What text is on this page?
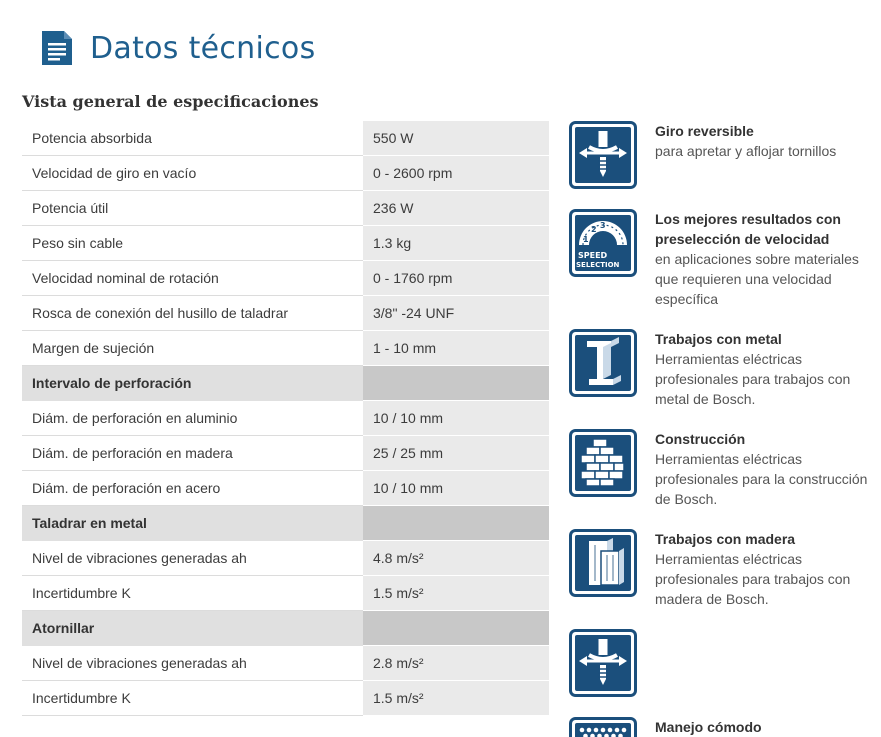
Datos técnicos
Vista general de especificaciones
Potencia absorbida	550 W
Velocidad de giro en vacío	0 - 2600 rpm
Potencia útil	236 W
Peso sin cable	1.3 kg
Velocidad nominal de rotación	0 - 1760 rpm
Rosca de conexión del husillo de taladrar	3/8" -24 UNF
Margen de sujeción	1 - 10 mm
Intervalo de perforación	
Diám. de perforación en aluminio	10 / 10 mm
Diám. de perforación en madera	25 / 25 mm
Diám. de perforación en acero	10 / 10 mm
Taladrar en metal	
Nivel de vibraciones generadas ah	4.8 m/s²
Incertidumbre K	1.5 m/s²
Atornillar	
Nivel de vibraciones generadas ah	2.8 m/s²
Incertidumbre K	1.5 m/s²
Giro reversible
para apretar y aflojar tornillos
1
2 3
SPEED
SELECTION
Los mejores resultados con preselección de velocidad
en aplicaciones sobre materiales que requieren una velocidad específica
Trabajos con metal
Herramientas eléctricas profesionales para trabajos con metal de Bosch.
Construcción
Herramientas eléctricas profesionales para la construcción de Bosch.
Trabajos con madera
Herramientas eléctricas profesionales para trabajos con madera de Bosch.
Manejo cómodo
